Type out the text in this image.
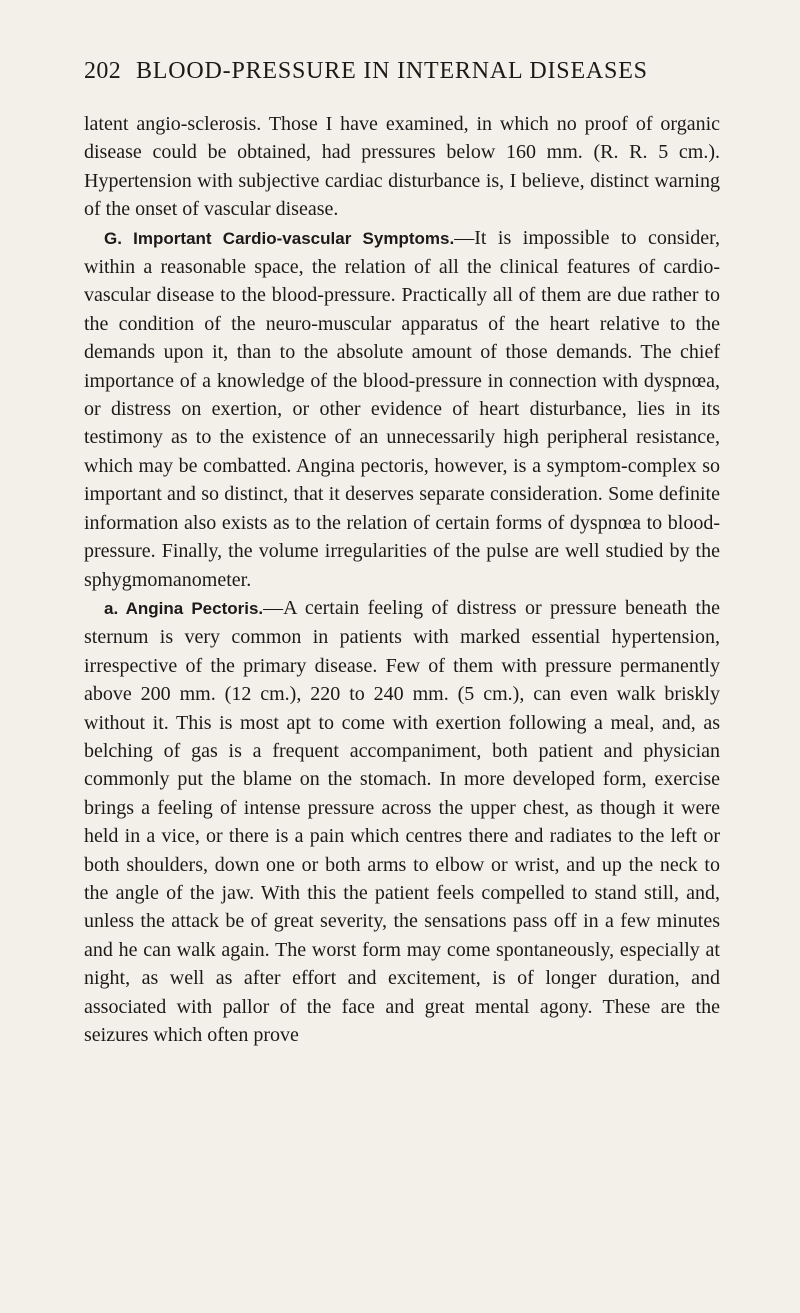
202 BLOOD-PRESSURE IN INTERNAL DISEASES

latent angio-sclerosis. Those I have examined, in which no proof of organic disease could be obtained, had pressures below 160 mm. (R. R. 5 cm.). Hypertension with subjective cardiac disturbance is, I believe, distinct warning of the onset of vascular disease.

G. Important Cardio-vascular Symptoms.—It is impossible to consider, within a reasonable space, the relation of all the clinical features of cardio-vascular disease to the blood-pressure. Practically all of them are due rather to the condition of the neuro-muscular apparatus of the heart relative to the demands upon it, than to the absolute amount of those demands. The chief importance of a knowledge of the blood-pressure in connection with dyspnœa, or distress on exertion, or other evidence of heart disturbance, lies in its testimony as to the existence of an unnecessarily high peripheral resistance, which may be combatted. Angina pectoris, however, is a symptom-complex so important and so distinct, that it deserves separate consideration. Some definite information also exists as to the relation of certain forms of dyspnœa to blood-pressure. Finally, the volume irregularities of the pulse are well studied by the sphygmomanometer.

a. Angina Pectoris.—A certain feeling of distress or pressure beneath the sternum is very common in patients with marked essential hypertension, irrespective of the primary disease. Few of them with pressure permanently above 200 mm. (12 cm.), 220 to 240 mm. (5 cm.), can even walk briskly without it. This is most apt to come with exertion following a meal, and, as belching of gas is a frequent accompaniment, both patient and physician commonly put the blame on the stomach. In more developed form, exercise brings a feeling of intense pressure across the upper chest, as though it were held in a vice, or there is a pain which centres there and radiates to the left or both shoulders, down one or both arms to elbow or wrist, and up the neck to the angle of the jaw. With this the patient feels compelled to stand still, and, unless the attack be of great severity, the sensations pass off in a few minutes and he can walk again. The worst form may come spontaneously, especially at night, as well as after effort and excitement, is of longer duration, and associated with pallor of the face and great mental agony. These are the seizures which often prove
